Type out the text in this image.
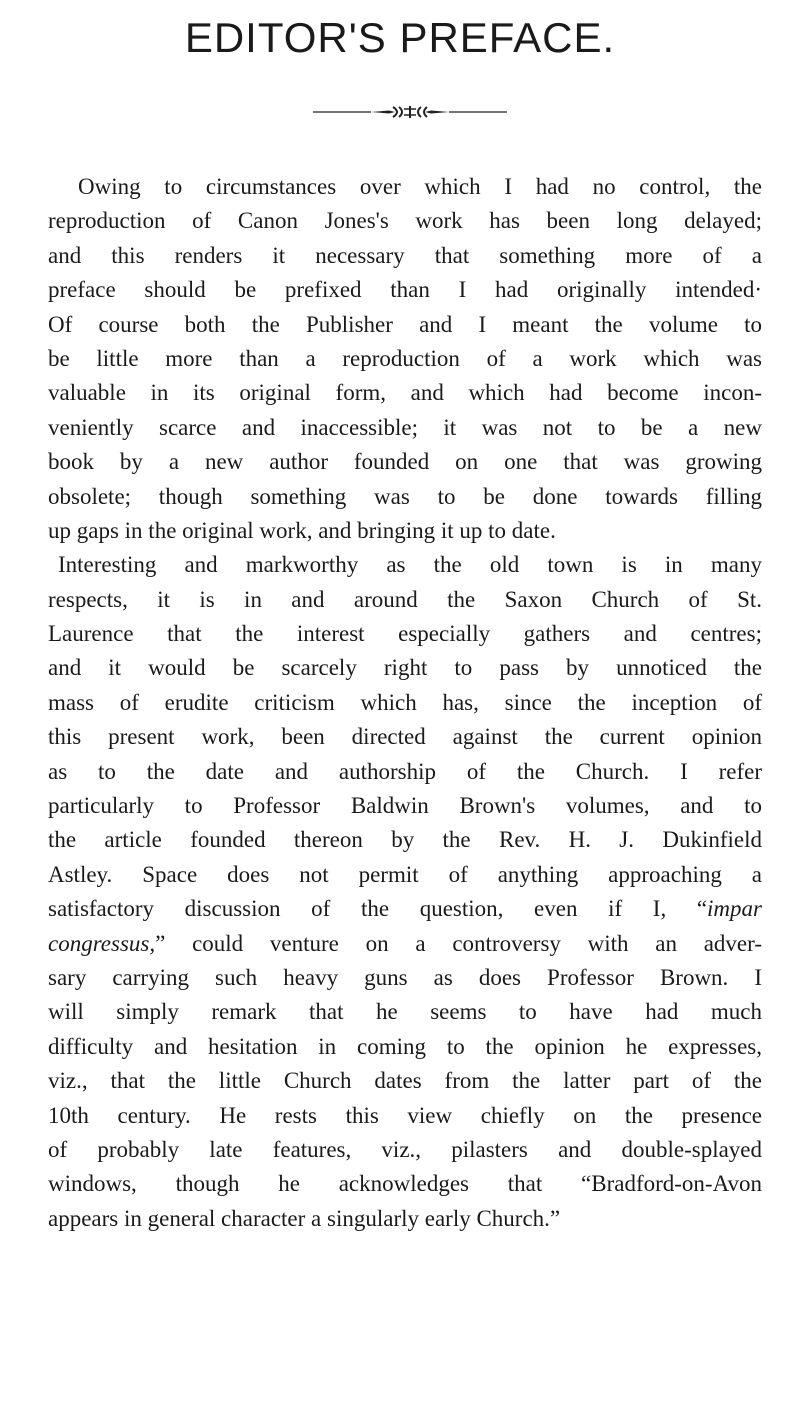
EDITOR'S PREFACE.
Owing to circumstances over which I had no control, the
reproduction of Canon Jones's work has been long delayed;
and this renders it necessary that something more of a
preface should be prefixed than I had originally intended·
Of course both the Publisher and I meant the volume to
be little more than a reproduction of a work which was
valuable in its original form, and which had become incon-
veniently scarce and inaccessible; it was not to be a new
book by a new author founded on one that was growing
obsolete; though something was to be done towards filling
up gaps in the original work, and bringing it up to date.
Interesting and markworthy as the old town is in many
respects, it is in and around the Saxon Church of St.
Laurence that the interest especially gathers and centres;
and it would be scarcely right to pass by unnoticed the
mass of erudite criticism which has, since the inception of
this present work, been directed against the current opinion
as to the date and authorship of the Church. I refer
particularly to Professor Baldwin Brown's volumes, and to
the article founded thereon by the Rev. H. J. Dukinfield
Astley. Space does not permit of anything approaching a
satisfactory discussion of the question, even if I, “impar
congressus,” could venture on a controversy with an adver-
sary carrying such heavy guns as does Professor Brown. I
will simply remark that he seems to have had much
difficulty and hesitation in coming to the opinion he expresses,
viz., that the little Church dates from the latter part of the
10th century. He rests this view chiefly on the presence
of probably late features, viz., pilasters and double-splayed
windows, though he acknowledges that “Bradford-on-Avon
appears in general character a singularly early Church.”
